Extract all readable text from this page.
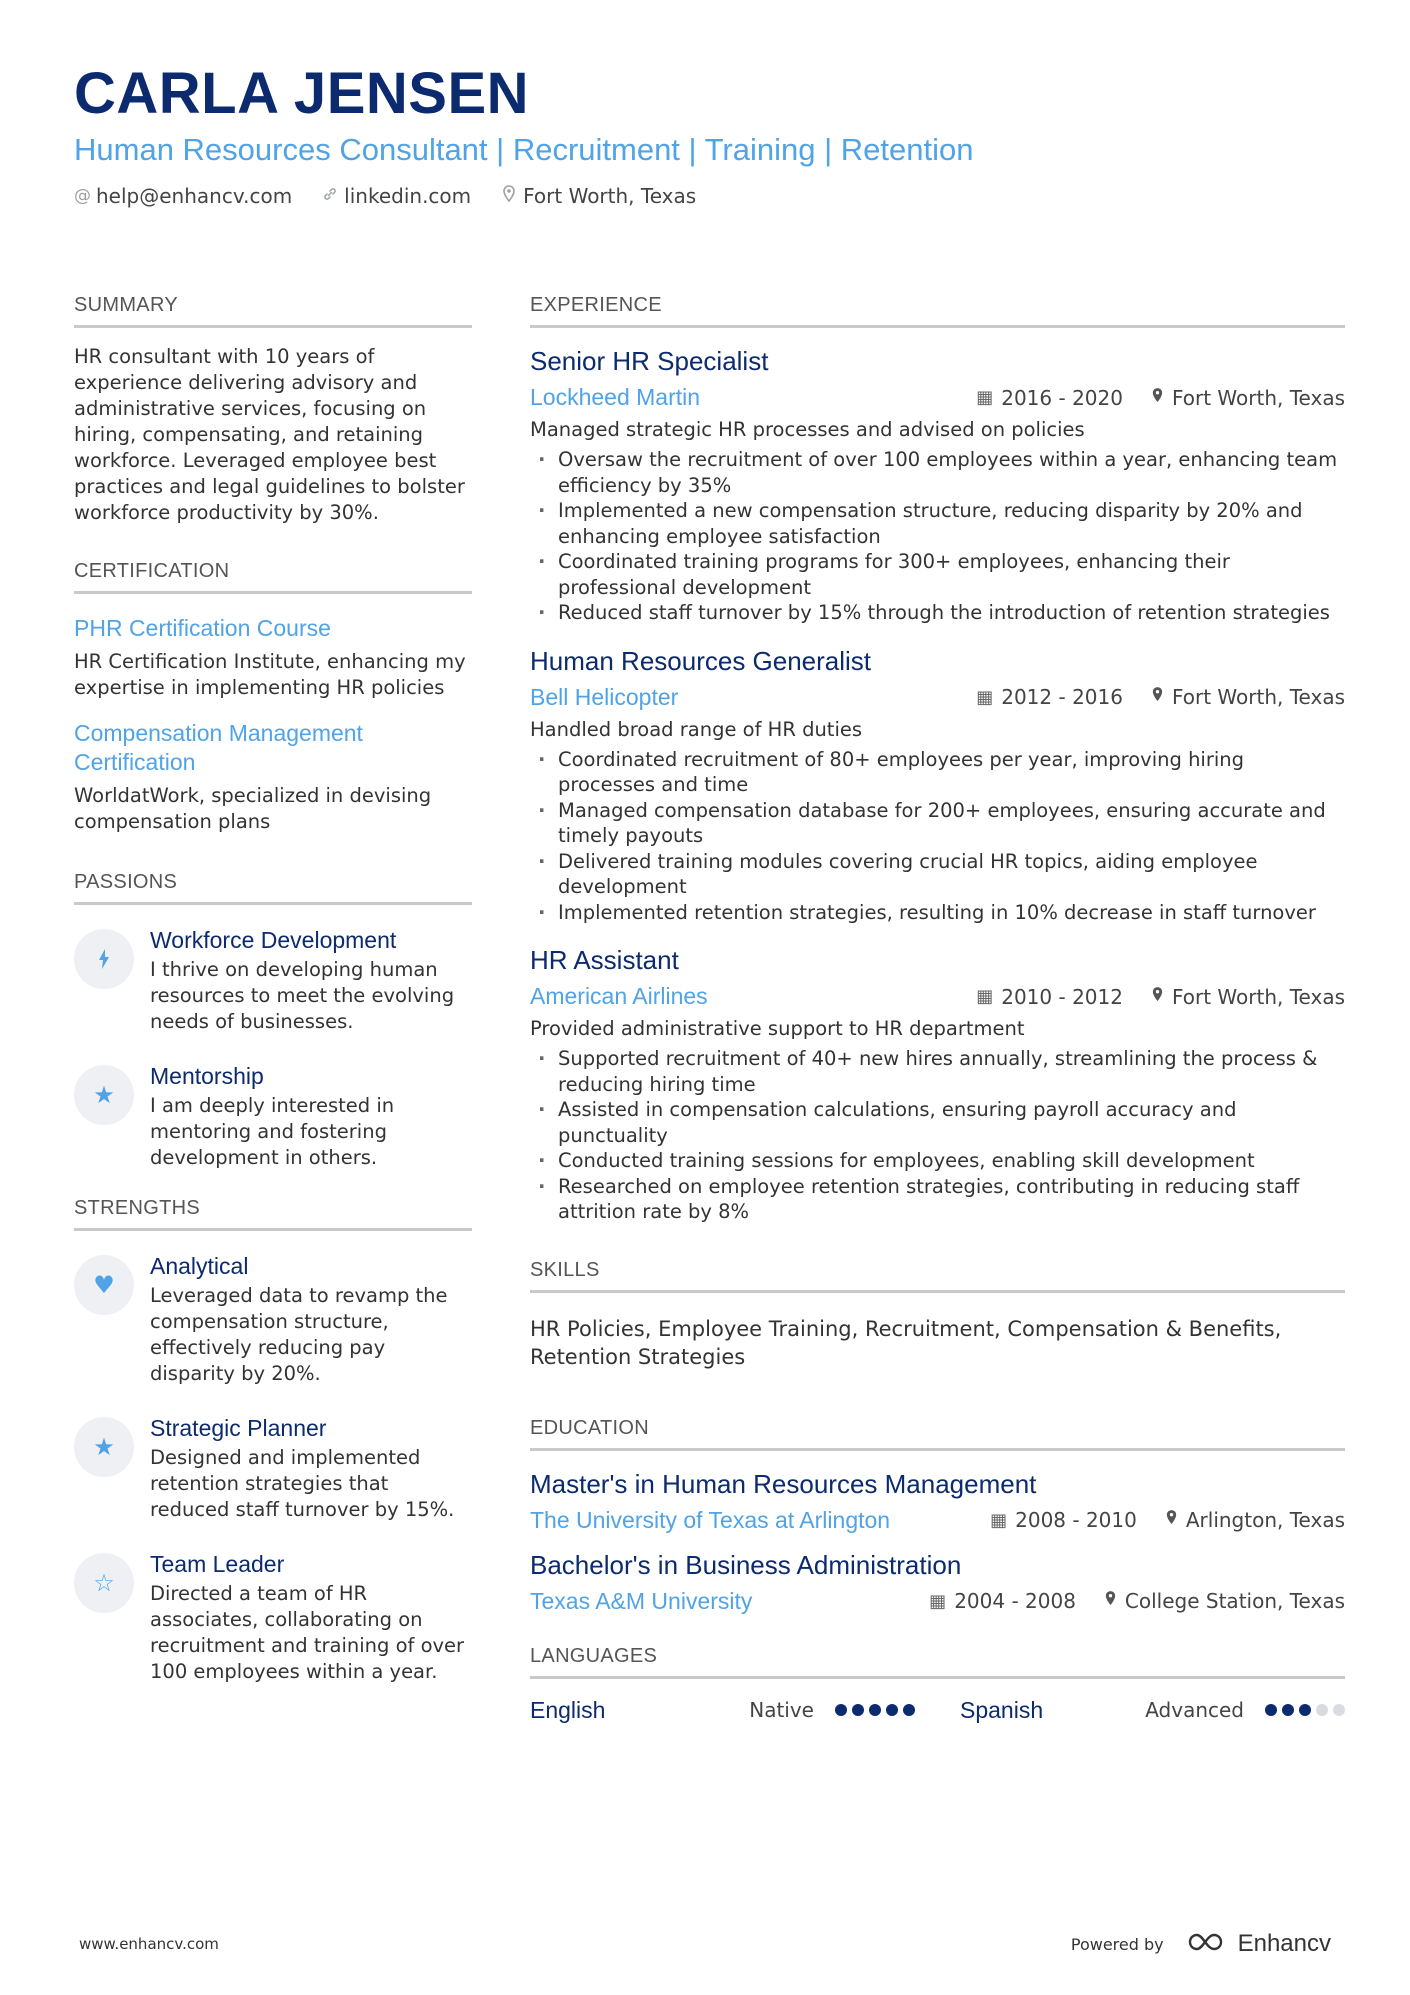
CARLA JENSEN
Human Resources Consultant | Recruitment | Training | Retention
@ help@enhancv.com	linkedin.com	Fort Worth, Texas
SUMMARY
HR consultant with 10 years of experience delivering advisory and administrative services, focusing on hiring, compensating, and retaining workforce. Leveraged employee best practices and legal guidelines to bolster workforce productivity by 30%.
CERTIFICATION
PHR Certification Course
HR Certification Institute, enhancing my expertise in implementing HR policies
Compensation Management Certification
WorldatWork, specialized in devising compensation plans
PASSIONS
Workforce Development
I thrive on developing human resources to meet the evolving needs of businesses.
★
Mentorship
I am deeply interested in mentoring and fostering development in others.
STRENGTHS
♥
Analytical
Leveraged data to revamp the compensation structure, effectively reducing pay disparity by 20%.
★
Strategic Planner
Designed and implemented retention strategies that reduced staff turnover by 15%.
☆
Team Leader
Directed a team of HR associates, collaborating on recruitment and training of over 100 employees within a year.
EXPERIENCE
Senior HR Specialist
Lockheed Martin	▦ 2016 - 2020 Fort Worth, Texas
Managed strategic HR processes and advised on policies
· Oversaw the recruitment of over 100 employees within a year, enhancing team efficiency by 35%
· Implemented a new compensation structure, reducing disparity by 20% and enhancing employee satisfaction
· Coordinated training programs for 300+ employees, enhancing their professional development
· Reduced staff turnover by 15% through the introduction of retention strategies
Human Resources Generalist
Bell Helicopter	▦ 2012 - 2016 Fort Worth, Texas
Handled broad range of HR duties
· Coordinated recruitment of 80+ employees per year, improving hiring processes and time
· Managed compensation database for 200+ employees, ensuring accurate and timely payouts
· Delivered training modules covering crucial HR topics, aiding employee development
· Implemented retention strategies, resulting in 10% decrease in staff turnover
HR Assistant
American Airlines	▦ 2010 - 2012 Fort Worth, Texas
Provided administrative support to HR department
· Supported recruitment of 40+ new hires annually, streamlining the process & reducing hiring time
· Assisted in compensation calculations, ensuring payroll accuracy and punctuality
· Conducted training sessions for employees, enabling skill development
· Researched on employee retention strategies, contributing in reducing staff attrition rate by 8%
SKILLS
HR Policies, Employee Training, Recruitment, Compensation & Benefits, Retention Strategies
EDUCATION
Master's in Human Resources Management
The University of Texas at Arlington	▦ 2008 - 2010 Arlington, Texas
Bachelor's in Business Administration
Texas A&M University	▦ 2004 - 2008 College Station, Texas
LANGUAGES
English	Native	Spanish	Advanced
www.enhancv.com	Powered by	Enhancv
